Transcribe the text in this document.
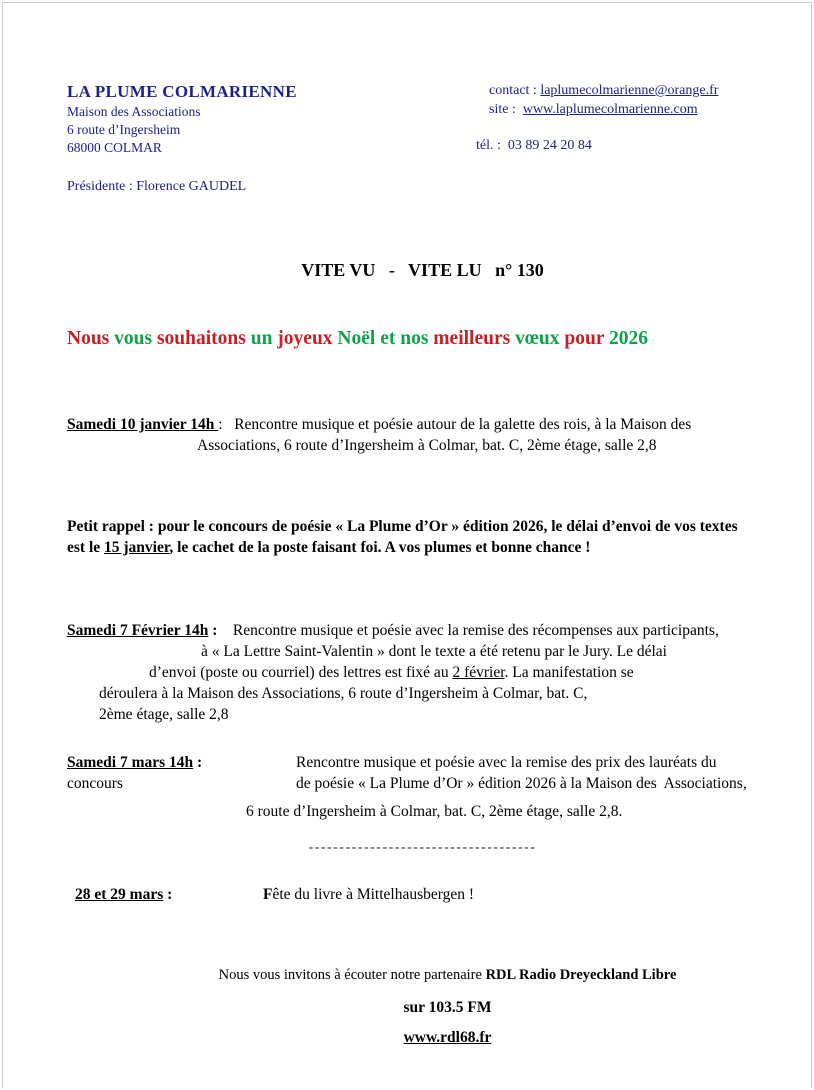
LA PLUME COLMARIENNE
Maison des Associations
6 route d’Ingersheim
68000 COLMAR
contact : laplumecolmarienne@orange.fr
site :  www.laplumecolmarienne.com
tél. :  03 89 24 20 84
Présidente : Florence GAUDEL
VITE VU   -   VITE LU   n° 130
Nous vous souhaitons un joyeux Noël et nos meilleurs vœux pour 2026
Samedi 10 janvier 14h :   Rencontre musique et poésie autour de la galette des rois, à la Maison des
Associations, 6 route d’Ingersheim à Colmar, bat. C, 2ème étage, salle 2,8
Petit rappel : pour le concours de poésie « La Plume d’Or » édition 2026, le délai d’envoi de vos textes
est le 15 janvier, le cachet de la poste faisant foi. A vos plumes et bonne chance !
Samedi 7 Février 14h :    Rencontre musique et poésie avec la remise des récompenses aux participants,
à « La Lettre Saint-Valentin » dont le texte a été retenu par le Jury. Le délai
d’envoi (poste ou courriel) des lettres est fixé au 2 février. La manifestation se
déroulera à la Maison des Associations, 6 route d’Ingersheim à Colmar, bat. C,
2ème étage, salle 2,8
Samedi 7 mars 14h :	Rencontre musique et poésie avec la remise des prix des lauréats du
concours	de poésie « La Plume d’Or » édition 2026 à la Maison des  Associations,
6 route d’Ingersheim à Colmar, bat. C, 2ème étage, salle 2,8.
-------------------------------------
28 et 29 mars :	Fête du livre à Mittelhausbergen !
Nous vous invitons à écouter notre partenaire RDL Radio Dreyeckland Libre
sur 103.5 FM
www.rdl68.fr
